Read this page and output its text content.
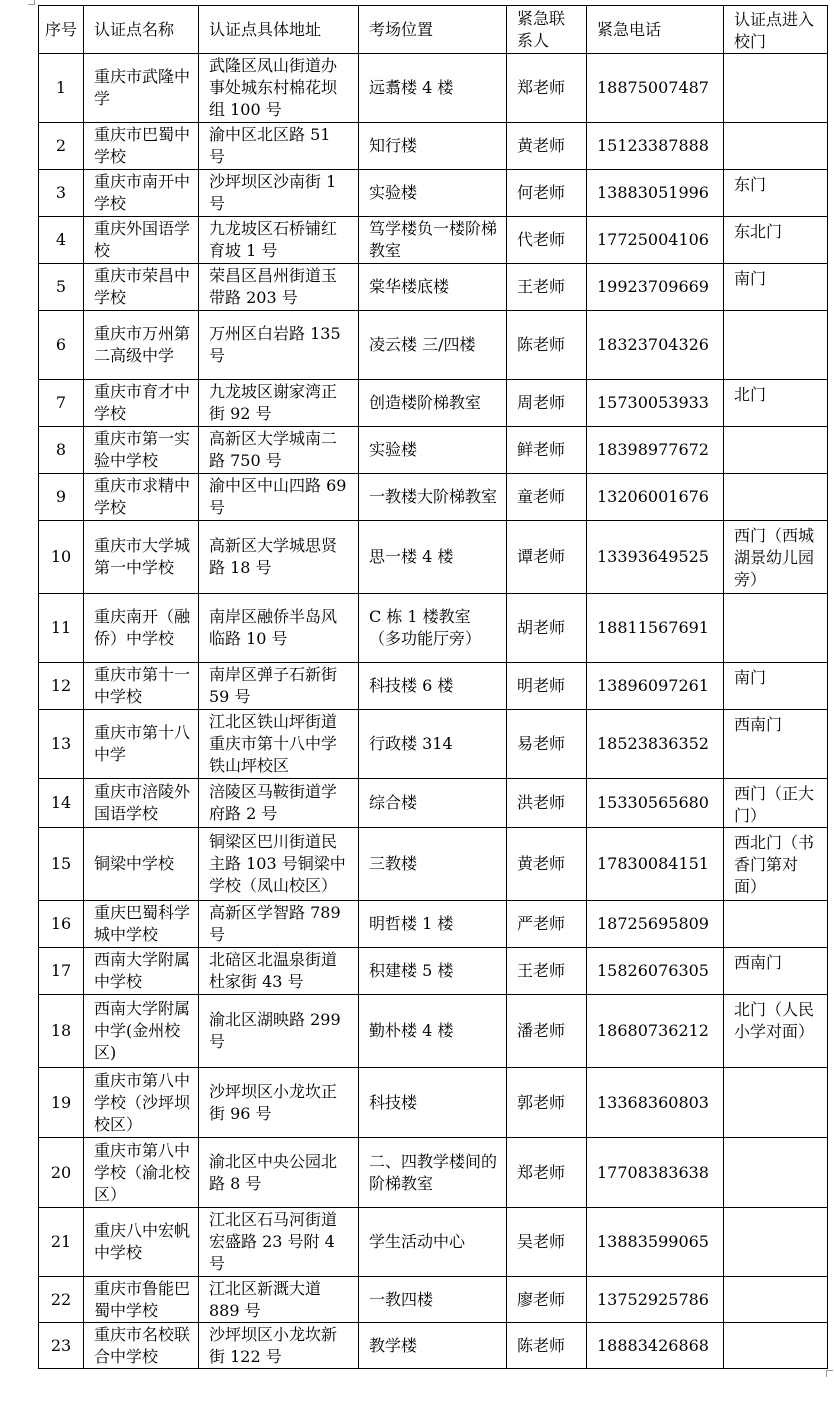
序号	认证点名称	认证点具体地址	考场位置	紧急联系人	紧急电话	认证点进入校门
1	重庆市武隆中学	武隆区凤山街道办事处城东村棉花坝组 100 号	远翥楼 4 楼	郑老师	18875007487	
2	重庆市巴蜀中学校	渝中区北区路 51 号	知行楼	黄老师	15123387888	
3	重庆市南开中学校	沙坪坝区沙南街 1 号	实验楼	何老师	13883051996	东门
4	重庆外国语学校	九龙坡区石桥铺红育坡 1 号	笃学楼负一楼阶梯教室	代老师	17725004106	东北门
5	重庆市荣昌中学校	荣昌区昌州街道玉带路 203 号	棠华楼底楼	王老师	19923709669	南门
6	重庆市万州第二高级中学	万州区白岩路 135 号	凌云楼 三/四楼	陈老师	18323704326	
7	重庆市育才中学校	九龙坡区谢家湾正街 92 号	创造楼阶梯教室	周老师	15730053933	北门
8	重庆市第一实验中学校	高新区大学城南二路 750 号	实验楼	鲜老师	18398977672	
9	重庆市求精中学校	渝中区中山四路 69 号	一教楼大阶梯教室	童老师	13206001676	
10	重庆市大学城第一中学校	高新区大学城思贤路 18 号	思一楼 4 楼	谭老师	13393649525	西门（西城湖景幼儿园旁）
11	重庆南开（融侨）中学校	南岸区融侨半岛风临路 10 号	C 栋 1 楼教室（多功能厅旁）	胡老师	18811567691	
12	重庆市第十一中学校	南岸区弹子石新街 59 号	科技楼 6 楼	明老师	13896097261	南门
13	重庆市第十八中学	江北区铁山坪街道重庆市第十八中学铁山坪校区	行政楼 314	易老师	18523836352	西南门
14	重庆市涪陵外国语学校	涪陵区马鞍街道学府路 2 号	综合楼	洪老师	15330565680	西门（正大门）
15	铜梁中学校	铜梁区巴川街道民主路 103 号铜梁中学校（凤山校区）	三教楼	黄老师	17830084151	西北门（书香门第对面）
16	重庆巴蜀科学城中学校	高新区学智路 789 号	明哲楼 1 楼	严老师	18725695809	
17	西南大学附属中学校	北碚区北温泉街道杜家街 43 号	积建楼 5 楼	王老师	15826076305	西南门
18	西南大学附属中学(金州校区)	渝北区湖映路 299 号	勤朴楼 4 楼	潘老师	18680736212	北门（人民小学对面）
19	重庆市第八中学校（沙坪坝校区）	沙坪坝区小龙坎正街 96 号	科技楼	郭老师	13368360803	
20	重庆市第八中学校（渝北校区）	渝北区中央公园北路 8 号	二、四教学楼间的阶梯教室	郑老师	17708383638	
21	重庆八中宏帆中学校	江北区石马河街道宏盛路 23 号附 4 号	学生活动中心	吴老师	13883599065	
22	重庆市鲁能巴蜀中学校	江北区新溉大道 889 号	一教四楼	廖老师	13752925786	
23	重庆市名校联合中学校	沙坪坝区小龙坎新街 122 号	教学楼	陈老师	18883426868	
